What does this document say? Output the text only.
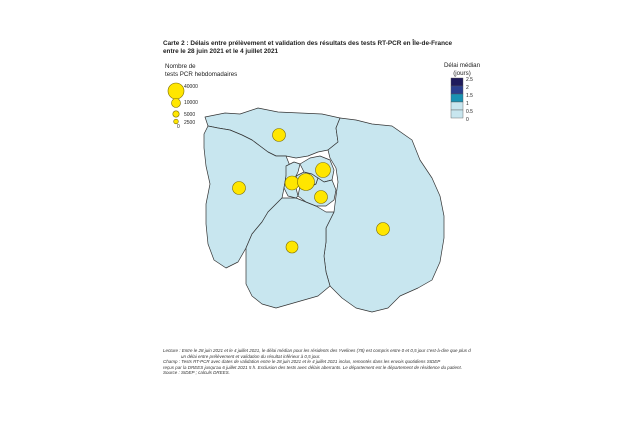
Carte 2 : Délais entre prélèvement et validation des résultats des tests RT-PCR en Île-de-France
entre le 28 juin 2021 et le 4 juillet 2021
Nombre de
tests PCR hebdomadaires
40000
10000
5000
2500
0
Délai médian
(jours)
2.5
2
1.5
1
0.5
0
Lecture : Entre le 28 juin 2021 et le 4 juillet 2021, le délai médian pour les résidents des Yvelines (78) est compris entre 0 et 0,5 jour c'est-à-dire que plus d
un délai entre prélèvement et validation du résultat inférieur à 0,5 jour.
Champ : Tests RT-PCR avec dates de validation entre le 28 juin 2021 et le 4 juillet 2021 inclus, remontés dans les envois quotidiens SIDEP
reçus par la DREES jusqu'au 6 juillet 2021 5 h. Exclusion des tests avec délais aberrants. Le département est le département de résidence du patient.
Source : SIDEP ; calculs DREES.
